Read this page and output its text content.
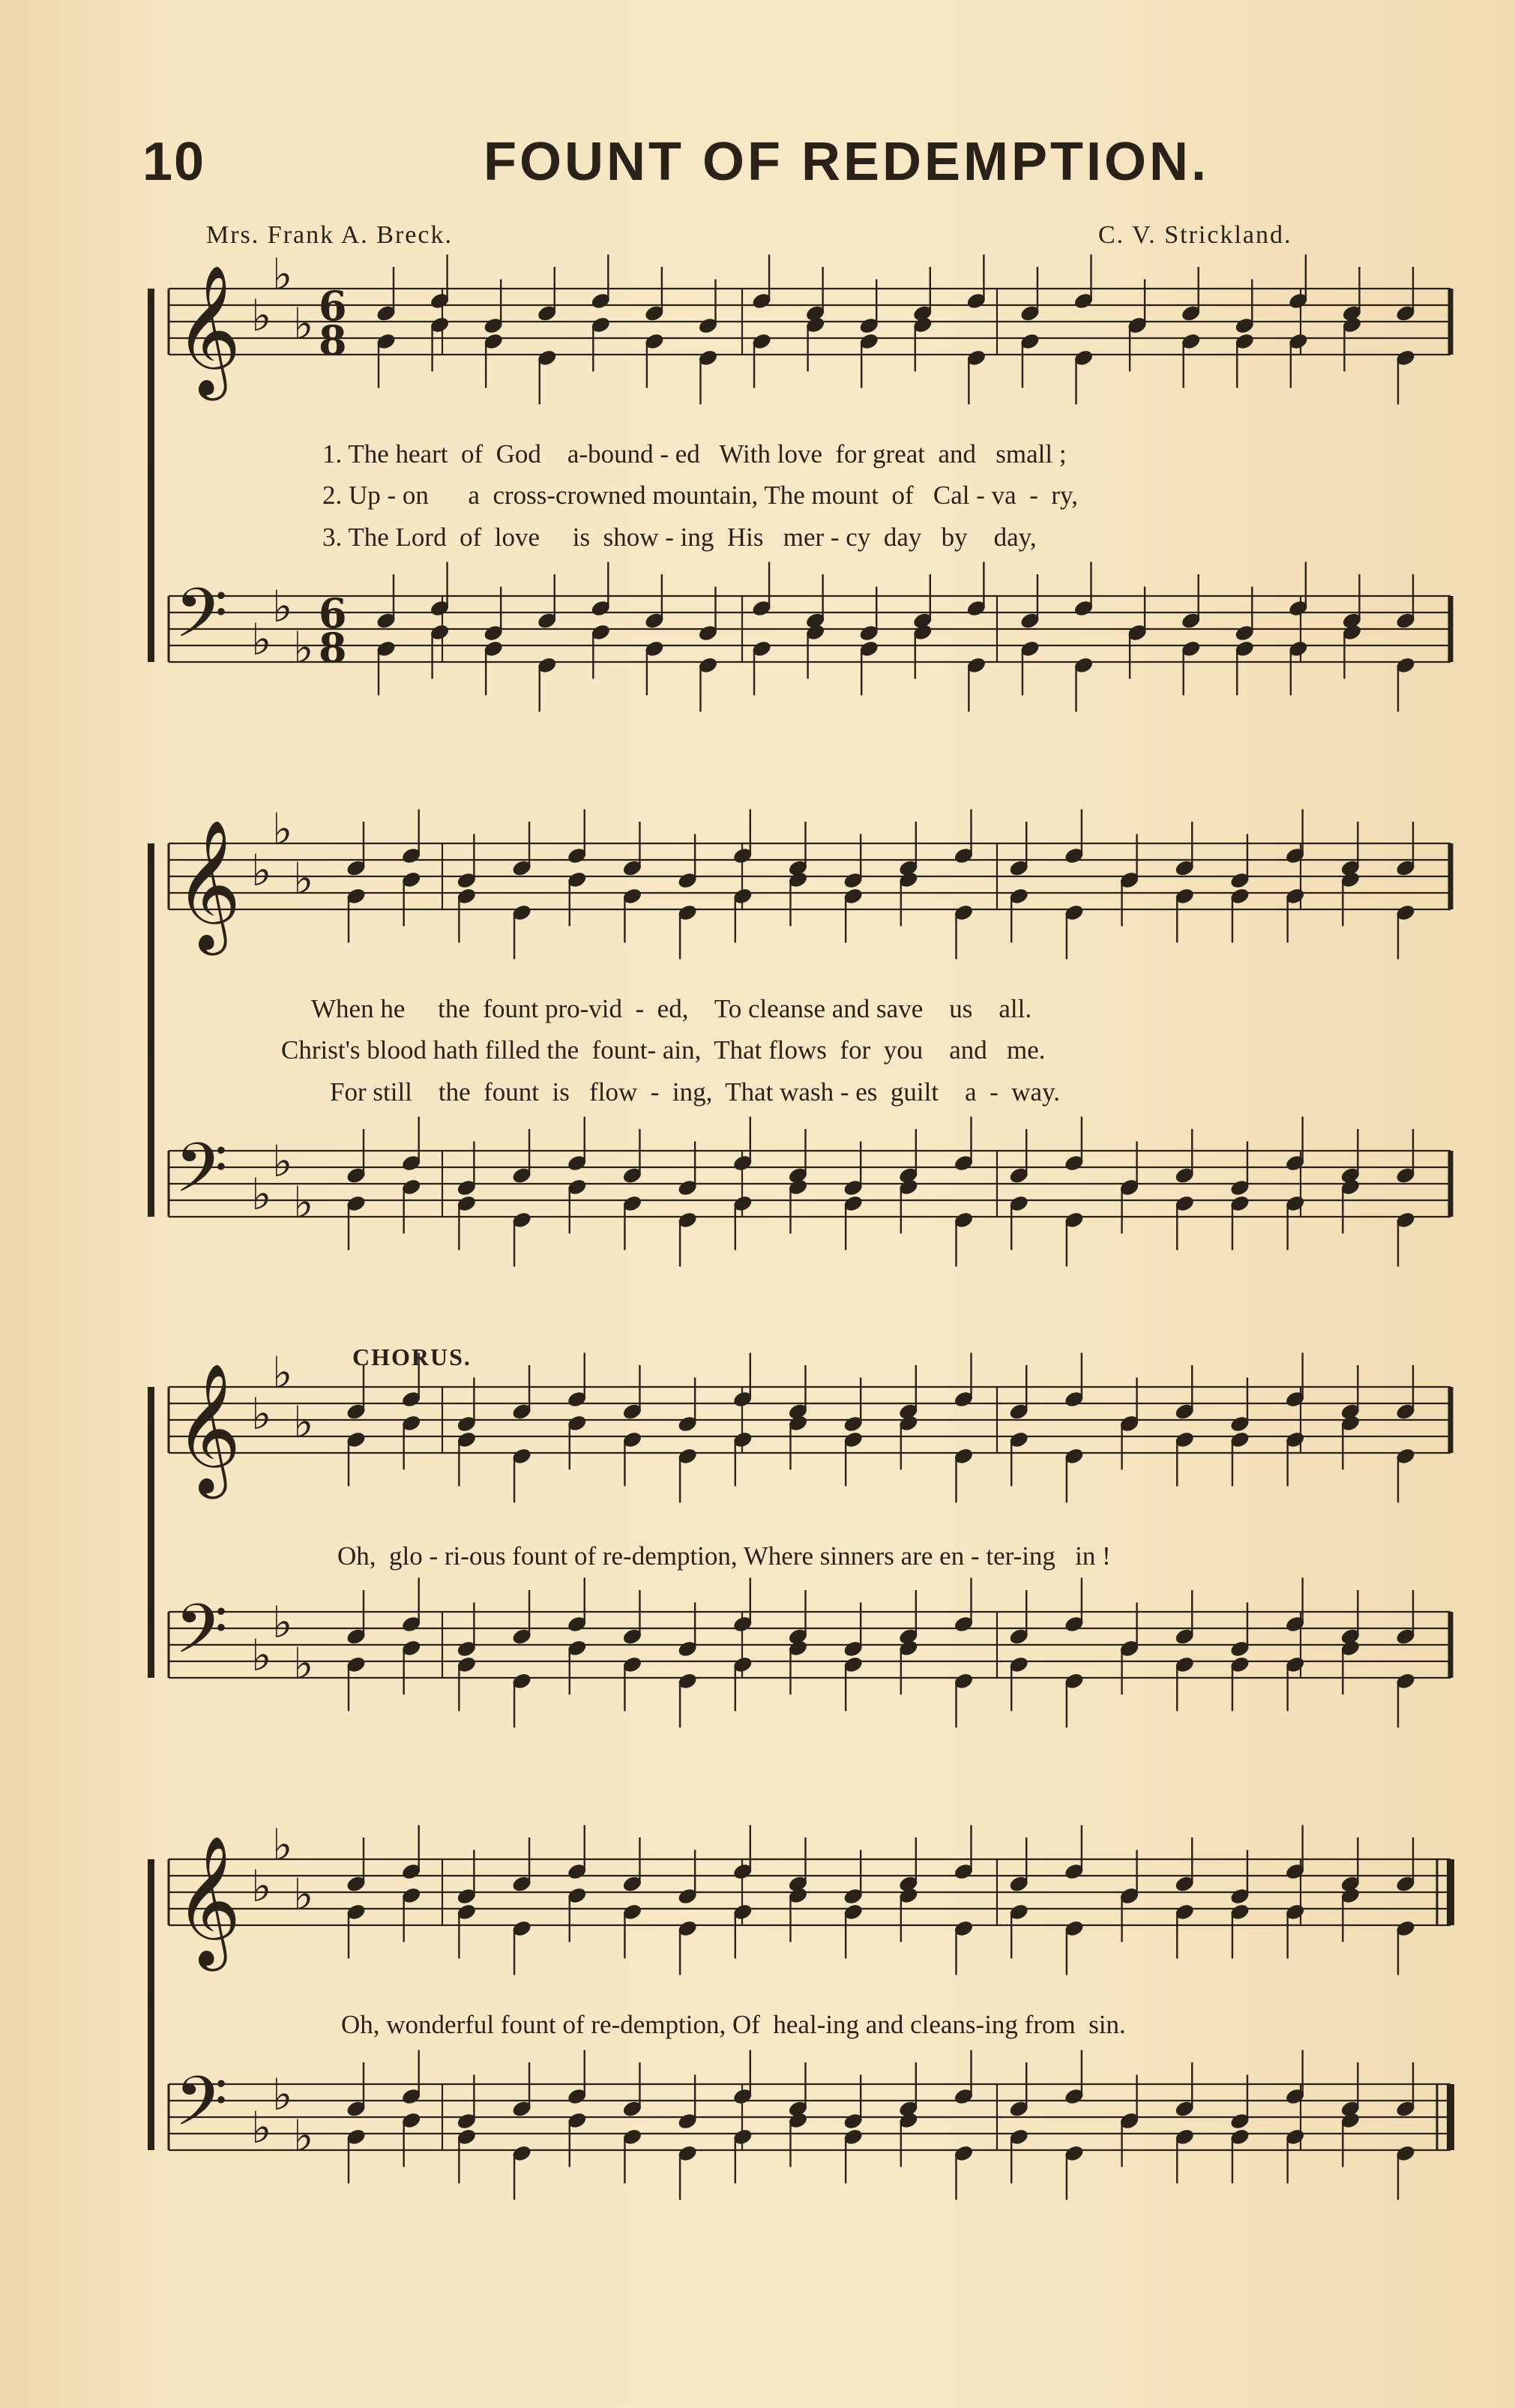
10	FOUNT OF REDEMPTION.
Mrs. Frank A. Breck.	C. V. Strickland.
𝄞 ♭
♭
♭ 6
8
𝄢 ♭
♭
♭
6
8
1. The heart  of  God    a-bound - ed   With love  for great  and   small ;
2. Up - on      a  cross-crowned mountain, The mount  of   Cal - va  -  ry,
3. The Lord  of  love     is  show - ing  His   mer - cy  day   by    day,
𝄞 ♭
♭
♭
𝄢 ♭
♭
♭
When he     the  fount pro-vid  -  ed,    To cleanse and save    us    all.
Christ's blood hath filled the  fount- ain,  That flows  for  you    and   me.
For still    the  fount  is   flow  -  ing,  That wash - es  guilt    a  -  way.
CHORUS.
𝄞 ♭
♭
♭
𝄢 ♭
♭
♭
Oh,  glo - ri-ous fount of re-demption, Where sinners are en - ter-ing   in !
𝄞 ♭
♭
♭
𝄢 ♭
♭
♭
Oh, wonderful fount of re-demption, Of  heal-ing and cleans-ing from  sin.
